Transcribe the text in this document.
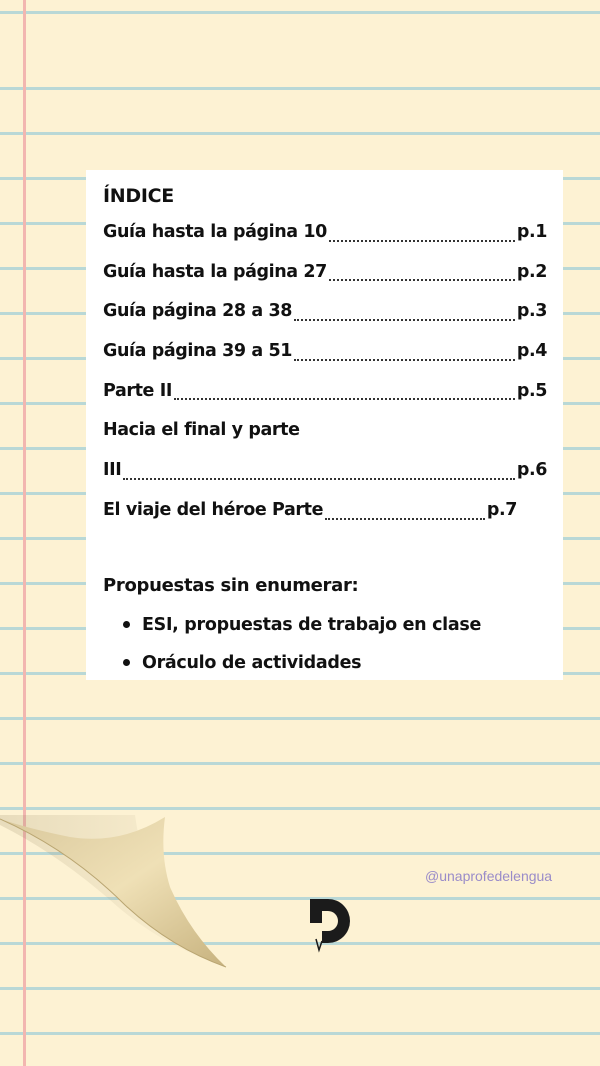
ÍNDICE
Guía hasta la página 10	p.1
Guía hasta la página 27	p.2
Guía página 28 a 38	p.3
Guía página 39 a 51	p.4
Parte II	p.5
Hacia el final y parte
III	p.6
El viaje del héroe Parte	p.7
Propuestas sin enumerar:
ESI, propuestas de trabajo en clase
Oráculo de actividades
@unaprofedelengua
